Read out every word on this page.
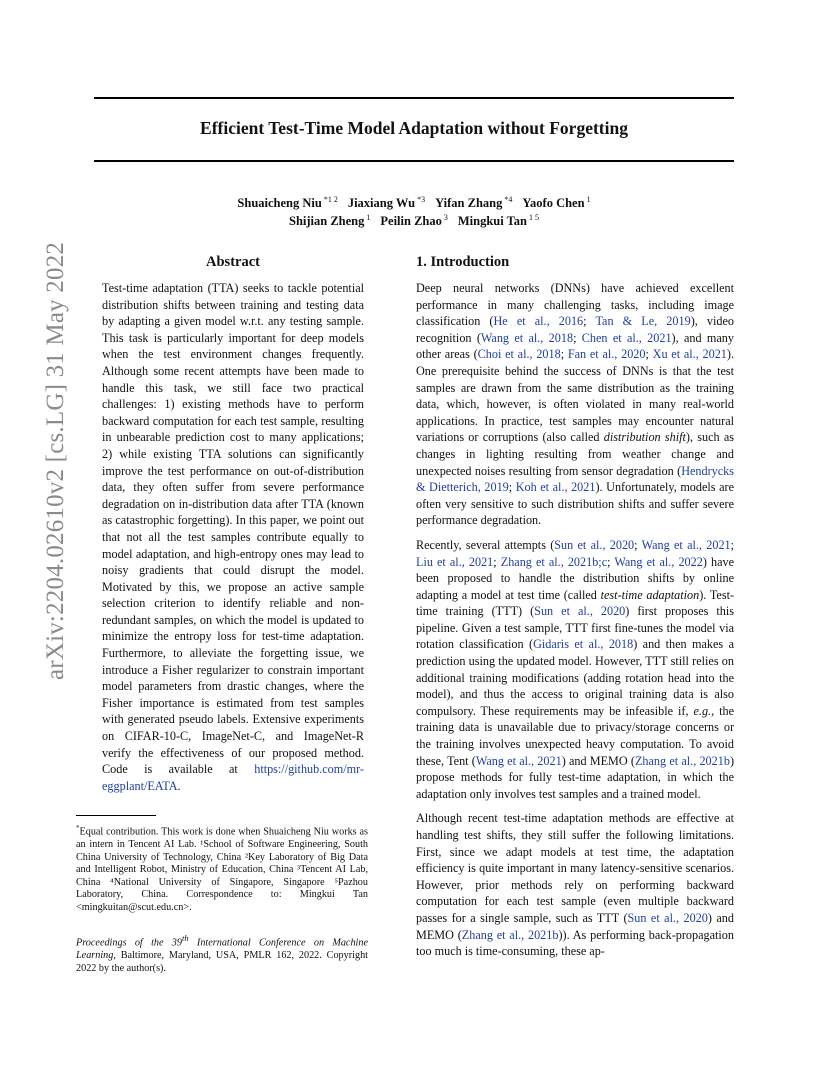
Efficient Test-Time Model Adaptation without Forgetting
Shuaicheng Niu $^{*1 2}$ Jiaxiang Wu $^{*3}$ Yifan Zhang $^{*4}$ Yaofo Chen $^1$
Shijian Zheng $^1$ Peilin Zhao $^3$ Mingkui Tan $^{1 5}$
arXiv:2204.02610v2 [cs.LG] 31 May 2022	Abstract

Test-time adaptation (TTA) seeks to tackle potential distribution shifts between training and testing data by adapting a given model w.r.t. any testing sample. This task is particularly important for deep models when the test environment changes frequently. Although some recent attempts have been made to handle this task, we still face two practical challenges: 1) existing methods have to perform backward computation for each test sample, resulting in unbearable prediction cost to many applications; 2) while existing TTA solutions can significantly improve the test performance on out-of-distribution data, they often suffer from severe performance degradation on in-distribution data after TTA (known as catastrophic forgetting). In this paper, we point out that not all the test samples contribute equally to model adaptation, and high-entropy ones may lead to noisy gradients that could disrupt the model. Motivated by this, we propose an active sample selection criterion to identify reliable and non-redundant samples, on which the model is updated to minimize the entropy loss for test-time adaptation. Furthermore, to alleviate the forgetting issue, we introduce a Fisher regularizer to constrain important model parameters from drastic changes, where the Fisher importance is estimated from test samples with generated pseudo labels. Extensive experiments on CIFAR-10-C, ImageNet-C, and ImageNet-R verify the effectiveness of our proposed method. Code is available at https://github.com/mr-eggplant/EATA.

*Equal contribution. This work is done when Shuaicheng Niu works as an intern in Tencent AI Lab. ¹School of Software Engineering, South China University of Technology, China ²Key Laboratory of Big Data and Intelligent Robot, Ministry of Education, China ³Tencent AI Lab, China ⁴National University of Singapore, Singapore ⁵Pazhou Laboratory, China. Correspondence to: Mingkui Tan <mingkuitan@scut.edu.cn>.
Proceedings of the 39th International Conference on Machine Learning, Baltimore, Maryland, USA, PMLR 162, 2022. Copyright 2022 by the author(s).
1. Introduction

Deep neural networks (DNNs) have achieved excellent performance in many challenging tasks, including image classification (He et al., 2016; Tan & Le, 2019), video recognition (Wang et al., 2018; Chen et al., 2021), and many other areas (Choi et al., 2018; Fan et al., 2020; Xu et al., 2021). One prerequisite behind the success of DNNs is that the test samples are drawn from the same distribution as the training data, which, however, is often violated in many real-world applications. In practice, test samples may encounter natural variations or corruptions (also called distribution shift), such as changes in lighting resulting from weather change and unexpected noises resulting from sensor degradation (Hendrycks & Dietterich, 2019; Koh et al., 2021). Unfortunately, models are often very sensitive to such distribution shifts and suffer severe performance degradation.

Recently, several attempts (Sun et al., 2020; Wang et al., 2021; Liu et al., 2021; Zhang et al., 2021b;c; Wang et al., 2022) have been proposed to handle the distribution shifts by online adapting a model at test time (called test-time adaptation). Test-time training (TTT) (Sun et al., 2020) first proposes this pipeline. Given a test sample, TTT first fine-tunes the model via rotation classification (Gidaris et al., 2018) and then makes a prediction using the updated model. However, TTT still relies on additional training modifications (adding rotation head into the model), and thus the access to original training data is also compulsory. These requirements may be infeasible if, e.g., the training data is unavailable due to privacy/storage concerns or the training involves unexpected heavy computation. To avoid these, Tent (Wang et al., 2021) and MEMO (Zhang et al., 2021b) propose methods for fully test-time adaptation, in which the adaptation only involves test samples and a trained model.

Although recent test-time adaptation methods are effective at handling test shifts, they still suffer the following limitations. First, since we adapt models at test time, the adaptation efficiency is quite important in many latency-sensitive scenarios. However, prior methods rely on performing backward computation for each test sample (even multiple backward passes for a single sample, such as TTT (Sun et al., 2020) and MEMO (Zhang et al., 2021b)). As performing back-propagation too much is time-consuming, these ap-
